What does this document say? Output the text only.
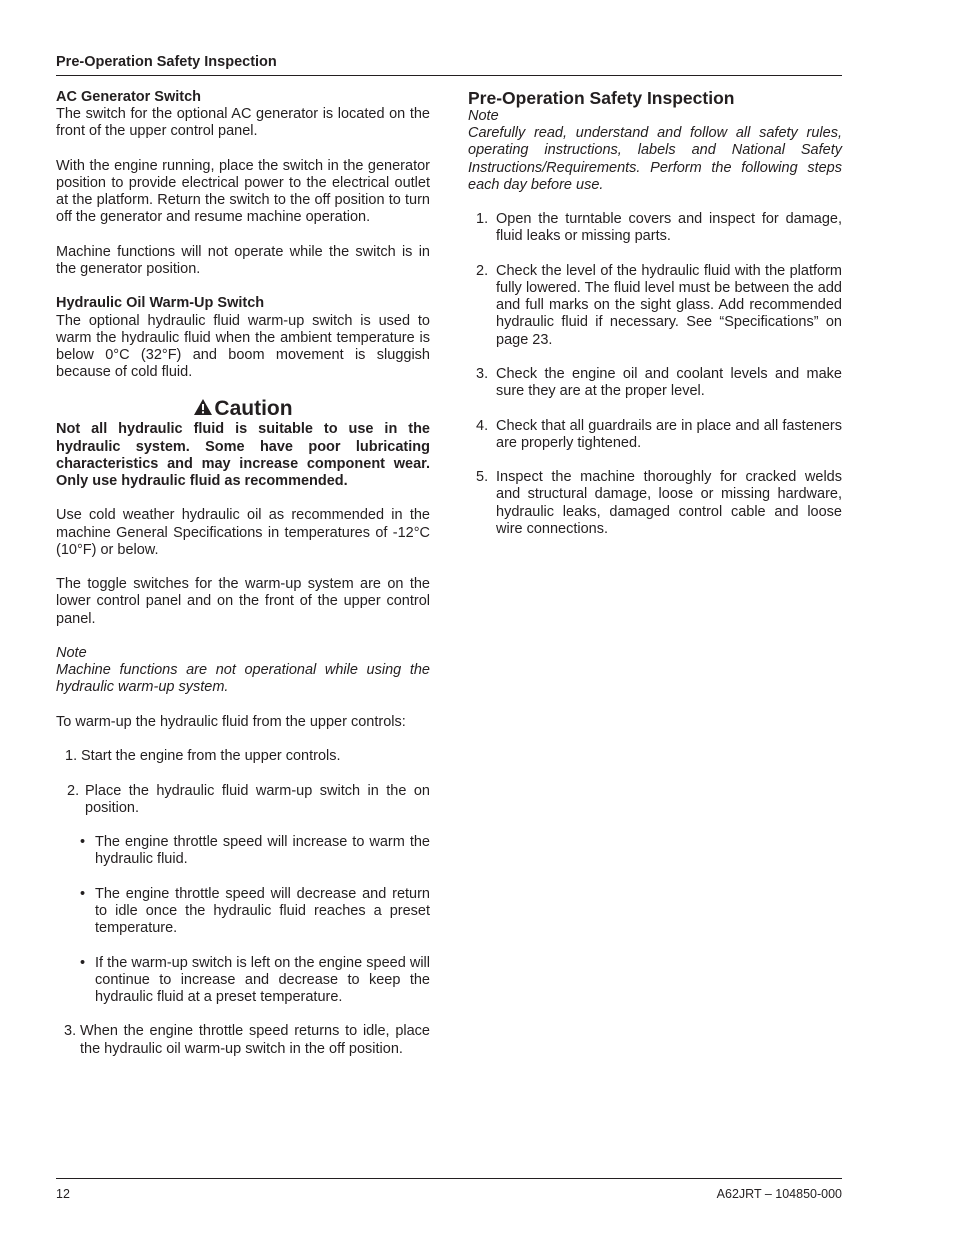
Pre-Operation Safety Inspection
AC Generator Switch

The switch for the optional AC generator is located on the front of the upper control panel.

With the engine running, place the switch in the generator position to provide electrical power to the electrical outlet at the platform. Return the switch to the off position to turn off the generator and resume machine operation.

Machine functions will not operate while the switch is in the generator position.

Hydraulic Oil Warm-Up Switch

The optional hydraulic fluid warm-up switch is used to warm the hydraulic fluid when the ambient temperature is below 0°C (32°F) and boom movement is sluggish because of cold fluid.

Caution

Not all hydraulic fluid is suitable to use in the hydraulic system. Some have poor lubricating characteristics and may increase component wear. Only use hydraulic fluid as recommended.

Use cold weather hydraulic oil as recommended in the machine General Specifications in temperatures of -12°C (10°F) or below.

The toggle switches for the warm-up system are on the lower control panel and on the front of the upper control panel.

Note

Machine functions are not operational while using the hydraulic warm-up system.

To warm-up the hydraulic fluid from the upper controls:

1. Start the engine from the upper controls.
2. Place the hydraulic fluid warm-up switch in the on position.
• The engine throttle speed will increase to warm the hydraulic fluid.
• The engine throttle speed will decrease and return to idle once the hydraulic fluid reaches a preset temperature.
• If the warm-up switch is left on the engine speed will continue to increase and decrease to keep the hydraulic fluid at a preset temperature.
3. When the engine throttle speed returns to idle, place the hydraulic oil warm-up switch in the off position.
Pre-Operation Safety Inspection
Note

Carefully read, understand and follow all safety rules, operating instructions, labels and National Safety Instructions/Requirements. Perform the following steps each day before use.

1. Open the turntable covers and inspect for damage, fluid leaks or missing parts.
2. Check the level of the hydraulic fluid with the platform fully lowered. The fluid level must be between the add and full marks on the sight glass. Add recommended hydraulic fluid if necessary. See “Specifications” on page 23.
3. Check the engine oil and coolant levels and make sure they are at the proper level.
4. Check that all guardrails are in place and all fasteners are properly tightened.
5. Inspect the machine thoroughly for cracked welds and structural damage, loose or missing hardware, hydraulic leaks, damaged control cable and loose wire connections.
12	A62JRT – 104850-000
